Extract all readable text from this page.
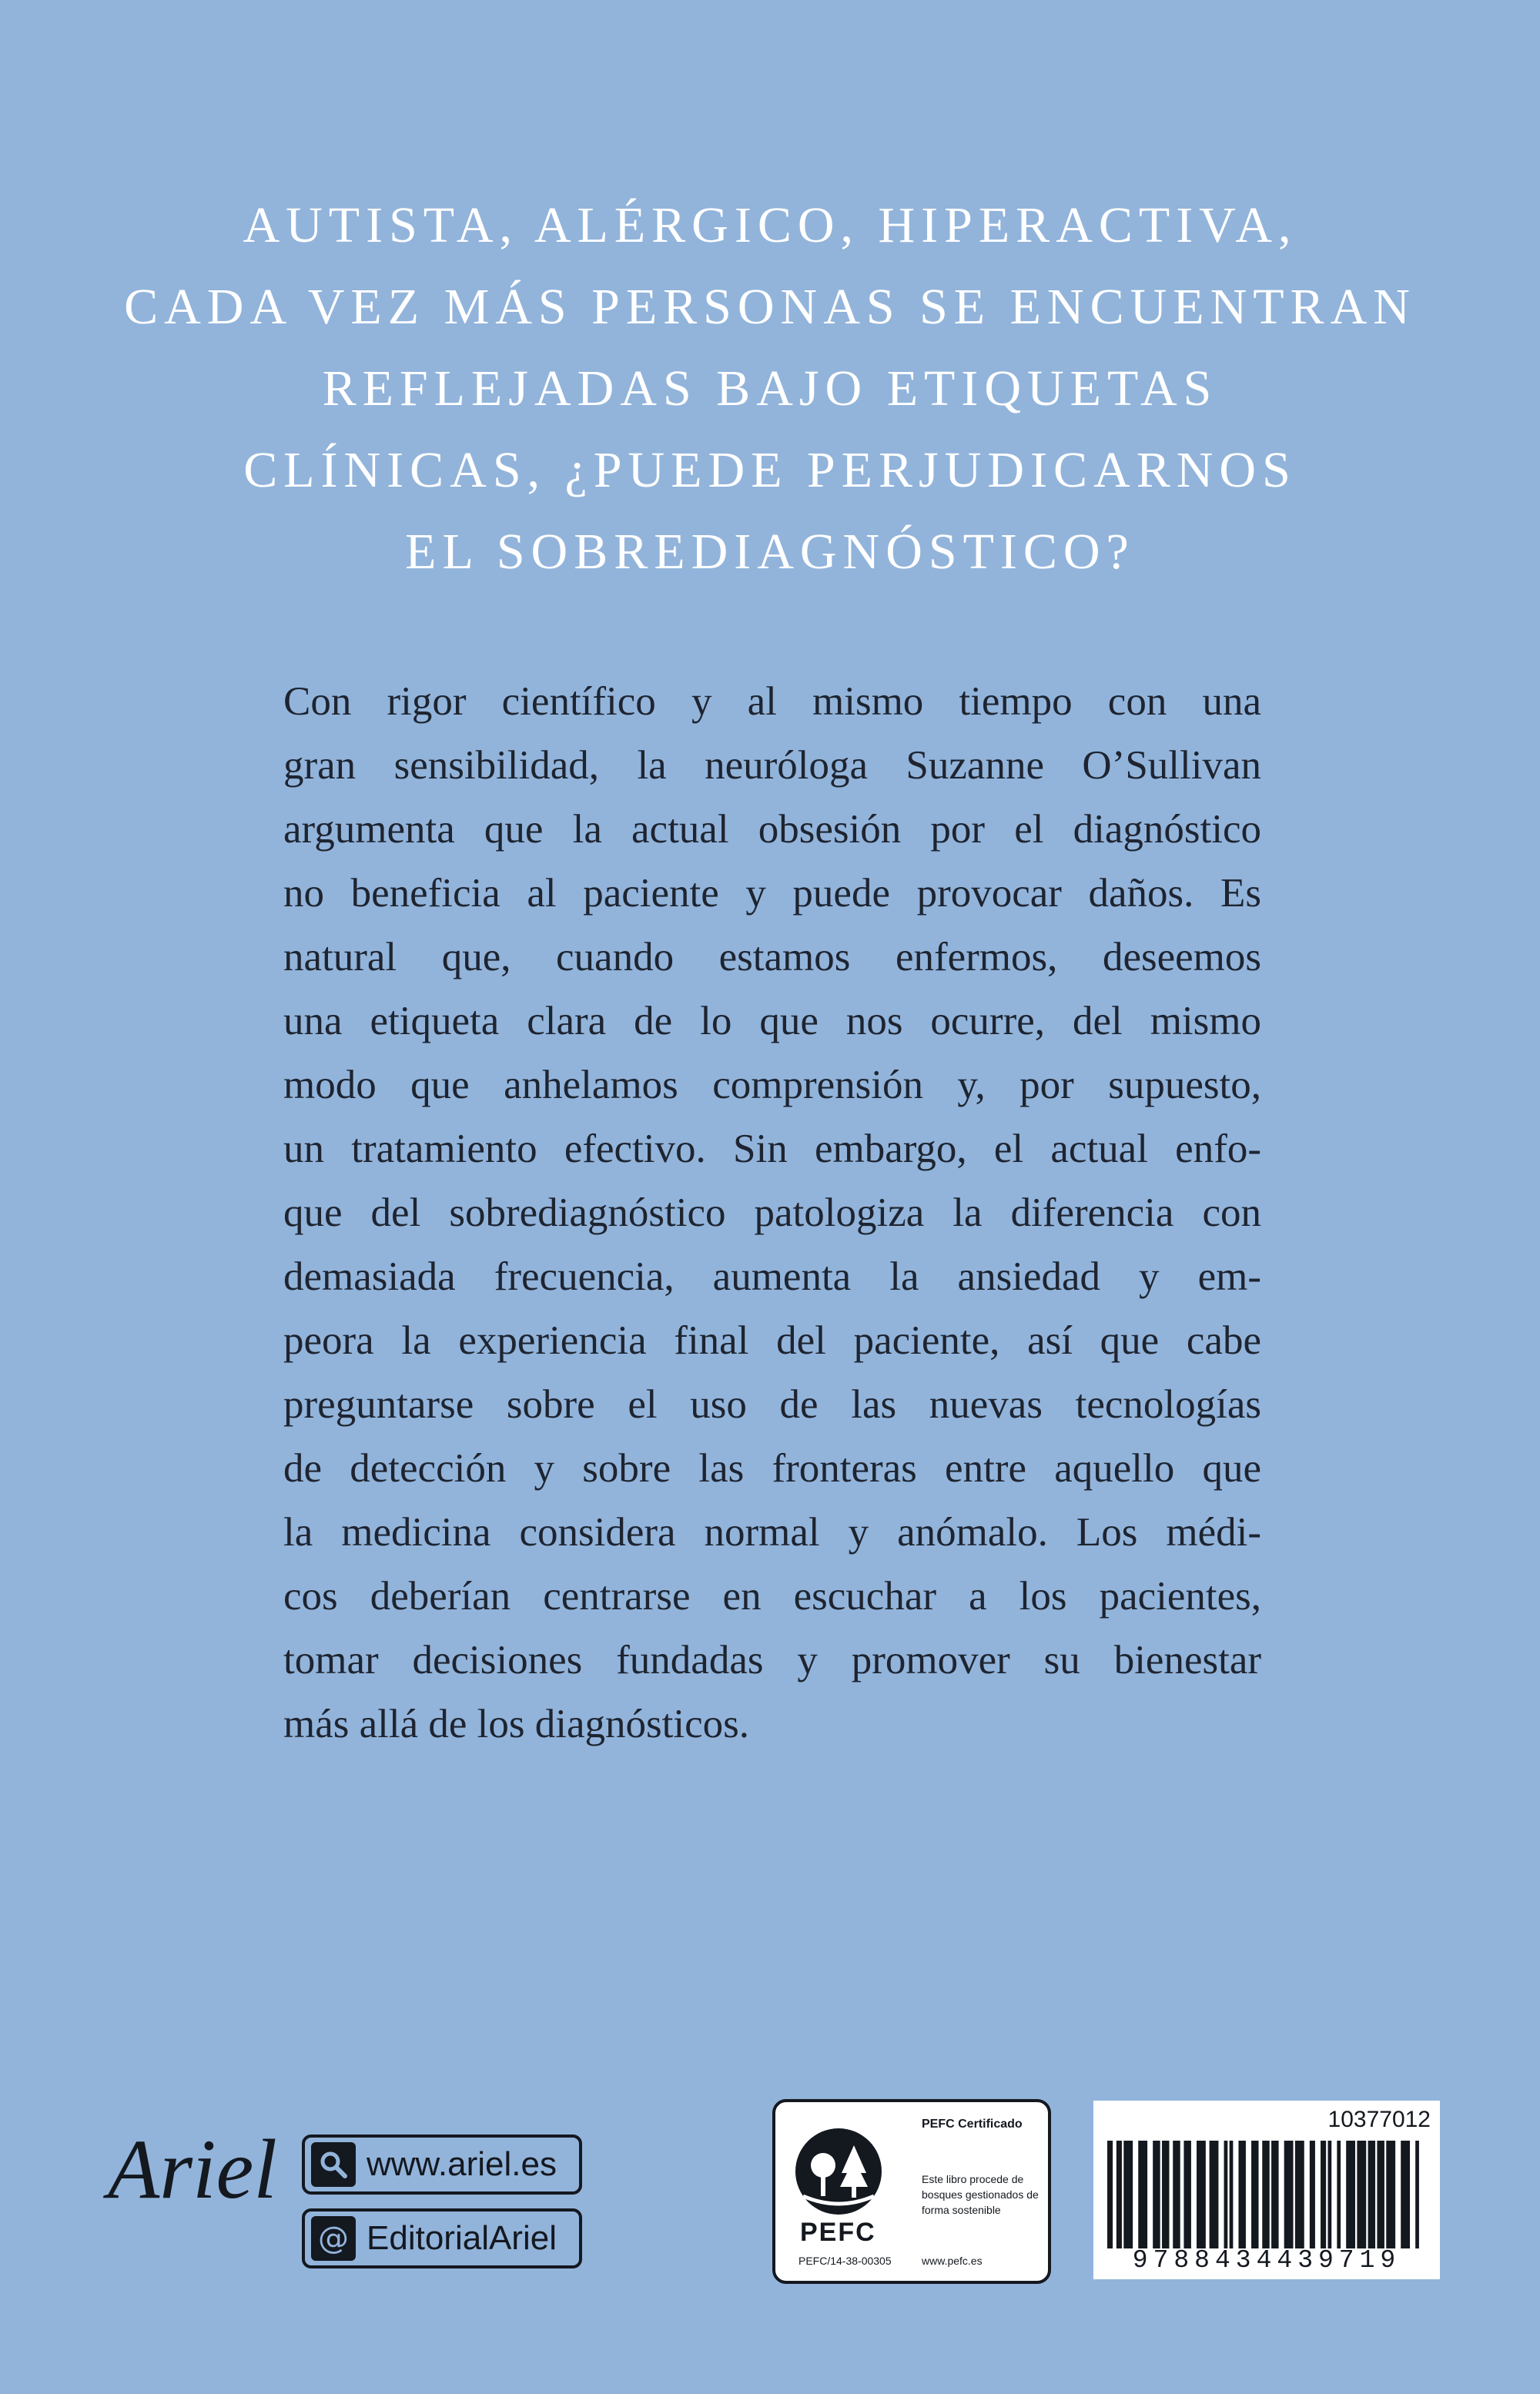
AUTISTA, ALÉRGICO, HIPERACTIVA,
CADA VEZ MÁS PERSONAS SE ENCUENTRAN
REFLEJADAS BAJO ETIQUETAS
CLÍNICAS, ¿PUEDE PERJUDICARNOS
EL SOBREDIAGNÓSTICO?
Con rigor científico y al mismo tiempo con una
gran sensibilidad, la neuróloga Suzanne O’Sullivan
argumenta que la actual obsesión por el diagnóstico
no beneficia al paciente y puede provocar daños. Es
natural que, cuando estamos enfermos, deseemos
una etiqueta clara de lo que nos ocurre, del mismo
modo que anhelamos comprensión y, por supuesto,
un tratamiento efectivo. Sin embargo, el actual enfo-
que del sobrediagnóstico patologiza la diferencia con
demasiada frecuencia, aumenta la ansiedad y em-
peora la experiencia final del paciente, así que cabe
preguntarse sobre el uso de las nuevas tecnologías
de detección y sobre las fronteras entre aquello que
la medicina considera normal y anómalo. Los médi-
cos deberían centrarse en escuchar a los pacientes,
tomar decisiones fundadas y promover su bienestar
más allá de los diagnósticos.
Ariel	www.ariel.es
@ EditorialAriel	PEFC
PEFC/14-38-00305
PEFC Certificado
Este libro procede de bosques gestionados de forma sostenible
www.pefc.es
10377012
9788434439719
